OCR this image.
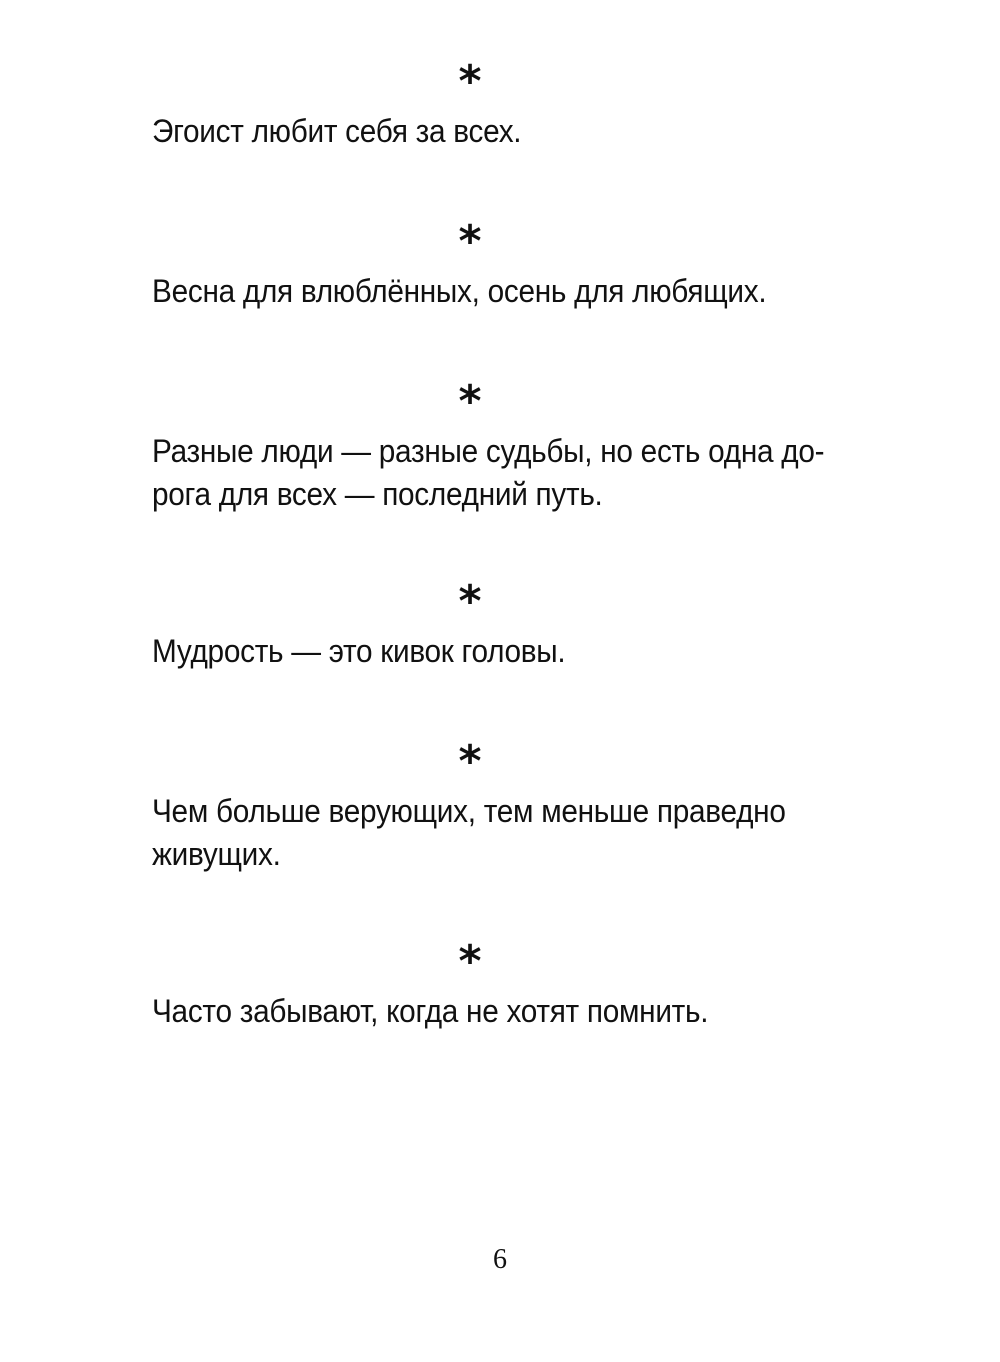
*
Эгоист любит себя за всех.
*
Весна для влюблённых, осень для любящих.
*
Разные люди — разные судьбы, но есть одна до-
рога для всех — последний путь.
*
Мудрость — это кивок головы.
*
Чем больше верующих, тем меньше праведно
живущих.
*
Часто забывают, когда не хотят помнить.
6
